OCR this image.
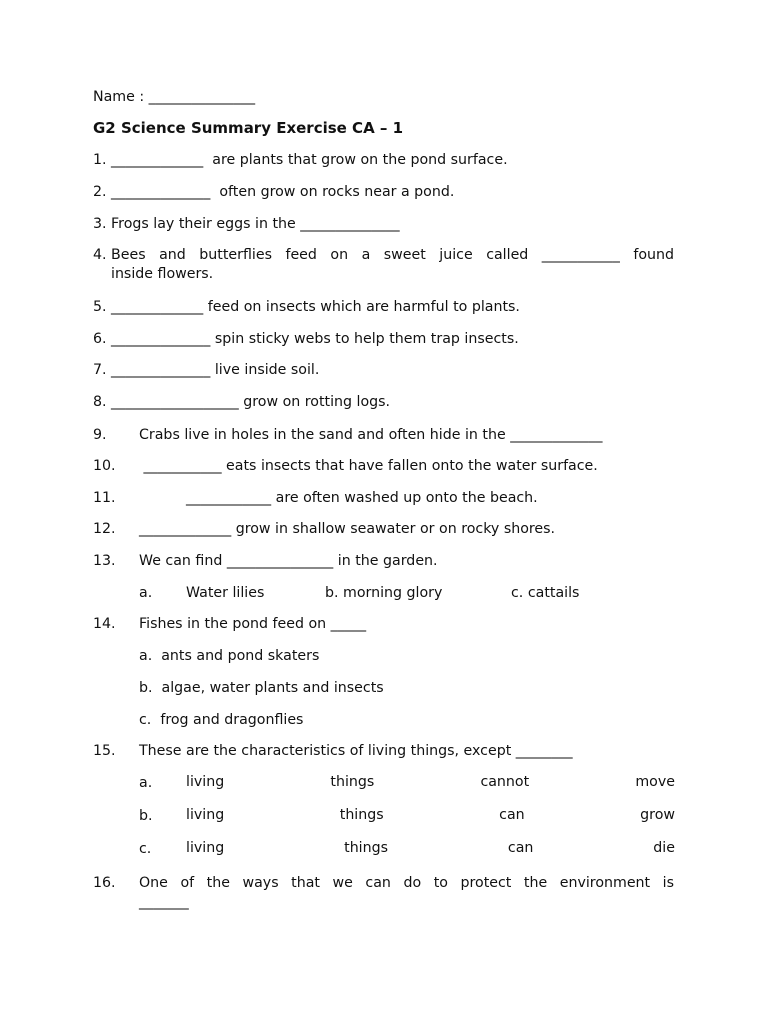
Name : _______________
G2 Science Summary Exercise CA – 1
1. _____________  are plants that grow on the pond surface.
2. ______________  often grow on rocks near a pond.
3. Frogs lay their eggs in the ______________
4. Bees and butterflies feed on a sweet juice called ___________ found
inside flowers.
5. _____________ feed on insects which are harmful to plants.
6. ______________ spin sticky webs to help them trap insects.
7. ______________ live inside soil.
8. __________________ grow on rotting logs.
9. Crabs live in holes in the sand and often hide in the _____________
10. ___________ eats insects that have fallen onto the water surface.
11.	____________ are often washed up onto the beach.
12. _____________ grow in shallow seawater or on rocky shores.
13. We can find _______________ in the garden.
a. Water lilies	b. morning glory	c. cattails
14. Fishes in the pond feed on _____
a.  ants and pond skaters
b.  algae, water plants and insects
c.  frog and dragonflies
15. These are the characteristics of living things, except ________
a. living	things	cannot	move
b. living	things	can	grow
c. living	things	can	die
16. One of the ways that we can do to protect the environment is
_______
